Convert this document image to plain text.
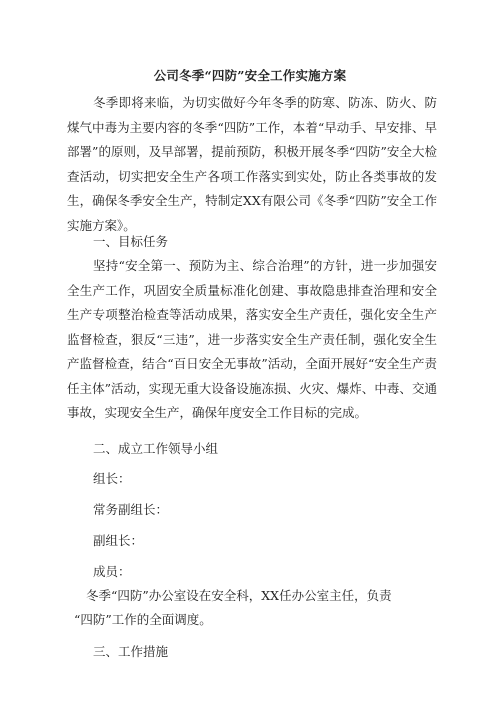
公司冬季“四防”安全工作实施方案
冬季即将来临，为切实做好今年冬季的防寒、防冻、防火、防煤气中毒为主要内容的冬季“四防”工作，本着“早动手、早安排、早部署”的原则，及早部署，提前预防，积极开展冬季“四防”安全大检查活动，切实把安全生产各项工作落实到实处，防止各类事故的发生，确保冬季安全生产，特制定XX有限公司《冬季“四防”安全工作实施方案》。
一、目标任务
坚持“安全第一、预防为主、综合治理”的方针，进一步加强安全生产工作，巩固安全质量标准化创建、事故隐患排查治理和安全生产专项整治检查等活动成果，落实安全生产责任，强化安全生产监督检查，狠反“三违”，进一步落实安全生产责任制，强化安全生产监督检查，结合“百日安全无事故”活动，全面开展好“安全生产责任主体”活动，实现无重大设备设施冻损、火灾、爆炸、中毒、交通事故，实现安全生产，确保年度安全工作目标的完成。
二、成立工作领导小组
组长：
常务副组长：
副组长：
成员：
冬季“四防”办公室设在安全科，XX任办公室主任，负责
“四防”工作的全面调度。
三、工作措施
